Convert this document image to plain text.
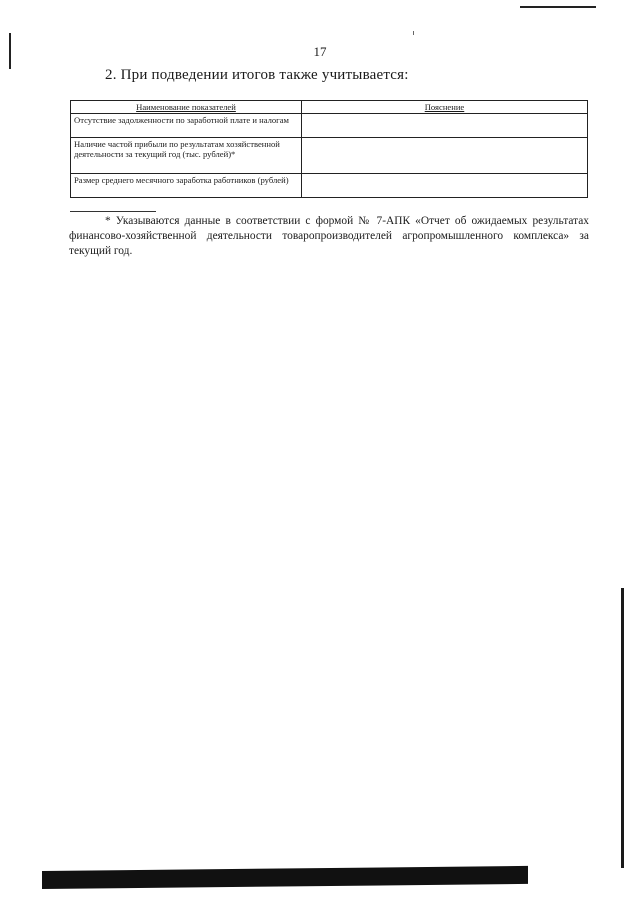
17
2. При подведении итогов также учитывается:
Наименование показателей	Пояснение
Отсутствие задолженности по заработной плате и налогам	
Наличие частой прибыли по результатам хозяйственной деятельности за текущий год (тыс. рублей)*	
Размер среднего месячного заработка работников (рублей)	

* Указываются данные в соответствии с формой № 7-АПК «Отчет об ожидаемых результатах финансово-хозяйственной деятельности товаропроизводителей агропромышленного комплекса» за текущий год.
